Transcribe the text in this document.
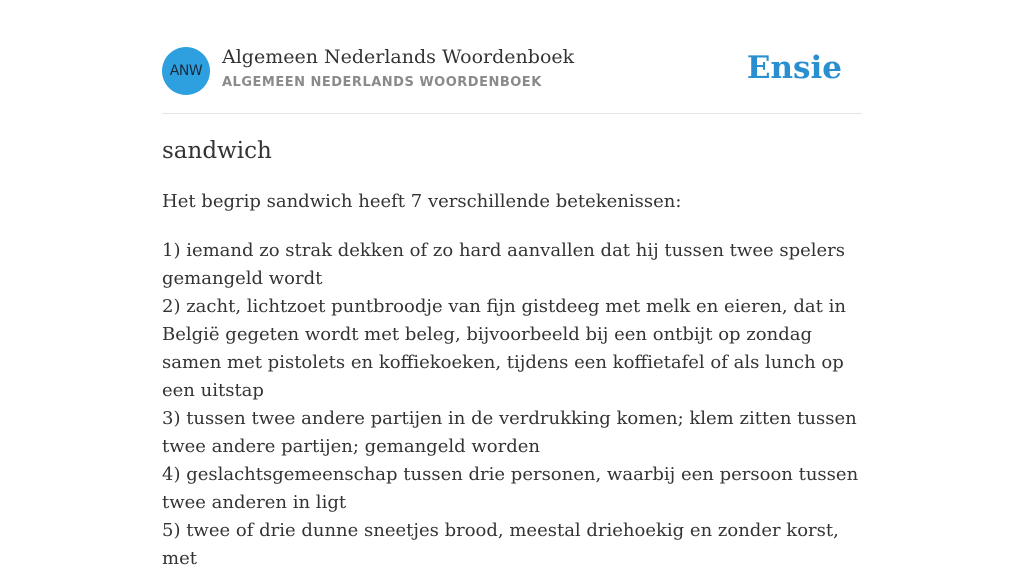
ANW
Algemeen Nederlands Woordenboek
ALGEMEEN NEDERLANDS WOORDENBOEK	Ensie
sandwich
Het begrip sandwich heeft 7 verschillende betekenissen:
1) iemand zo strak dekken of zo hard aanvallen dat hij tussen twee spelers gemangeld wordt
2) zacht, lichtzoet puntbroodje van fijn gistdeeg met melk en eieren, dat in België gegeten wordt met beleg, bijvoorbeeld bij een ontbijt op zondag samen met pistolets en koffiekoeken, tijdens een koffietafel of als lunch op een uitstap
3) tussen twee andere partijen in de verdrukking komen; klem zitten tussen twee andere partijen; gemangeld worden
4) geslachtsgemeenschap tussen drie personen, waarbij een persoon tussen twee anderen in ligt
5) twee of drie dunne sneetjes brood, meestal driehoekig en zonder korst, met
